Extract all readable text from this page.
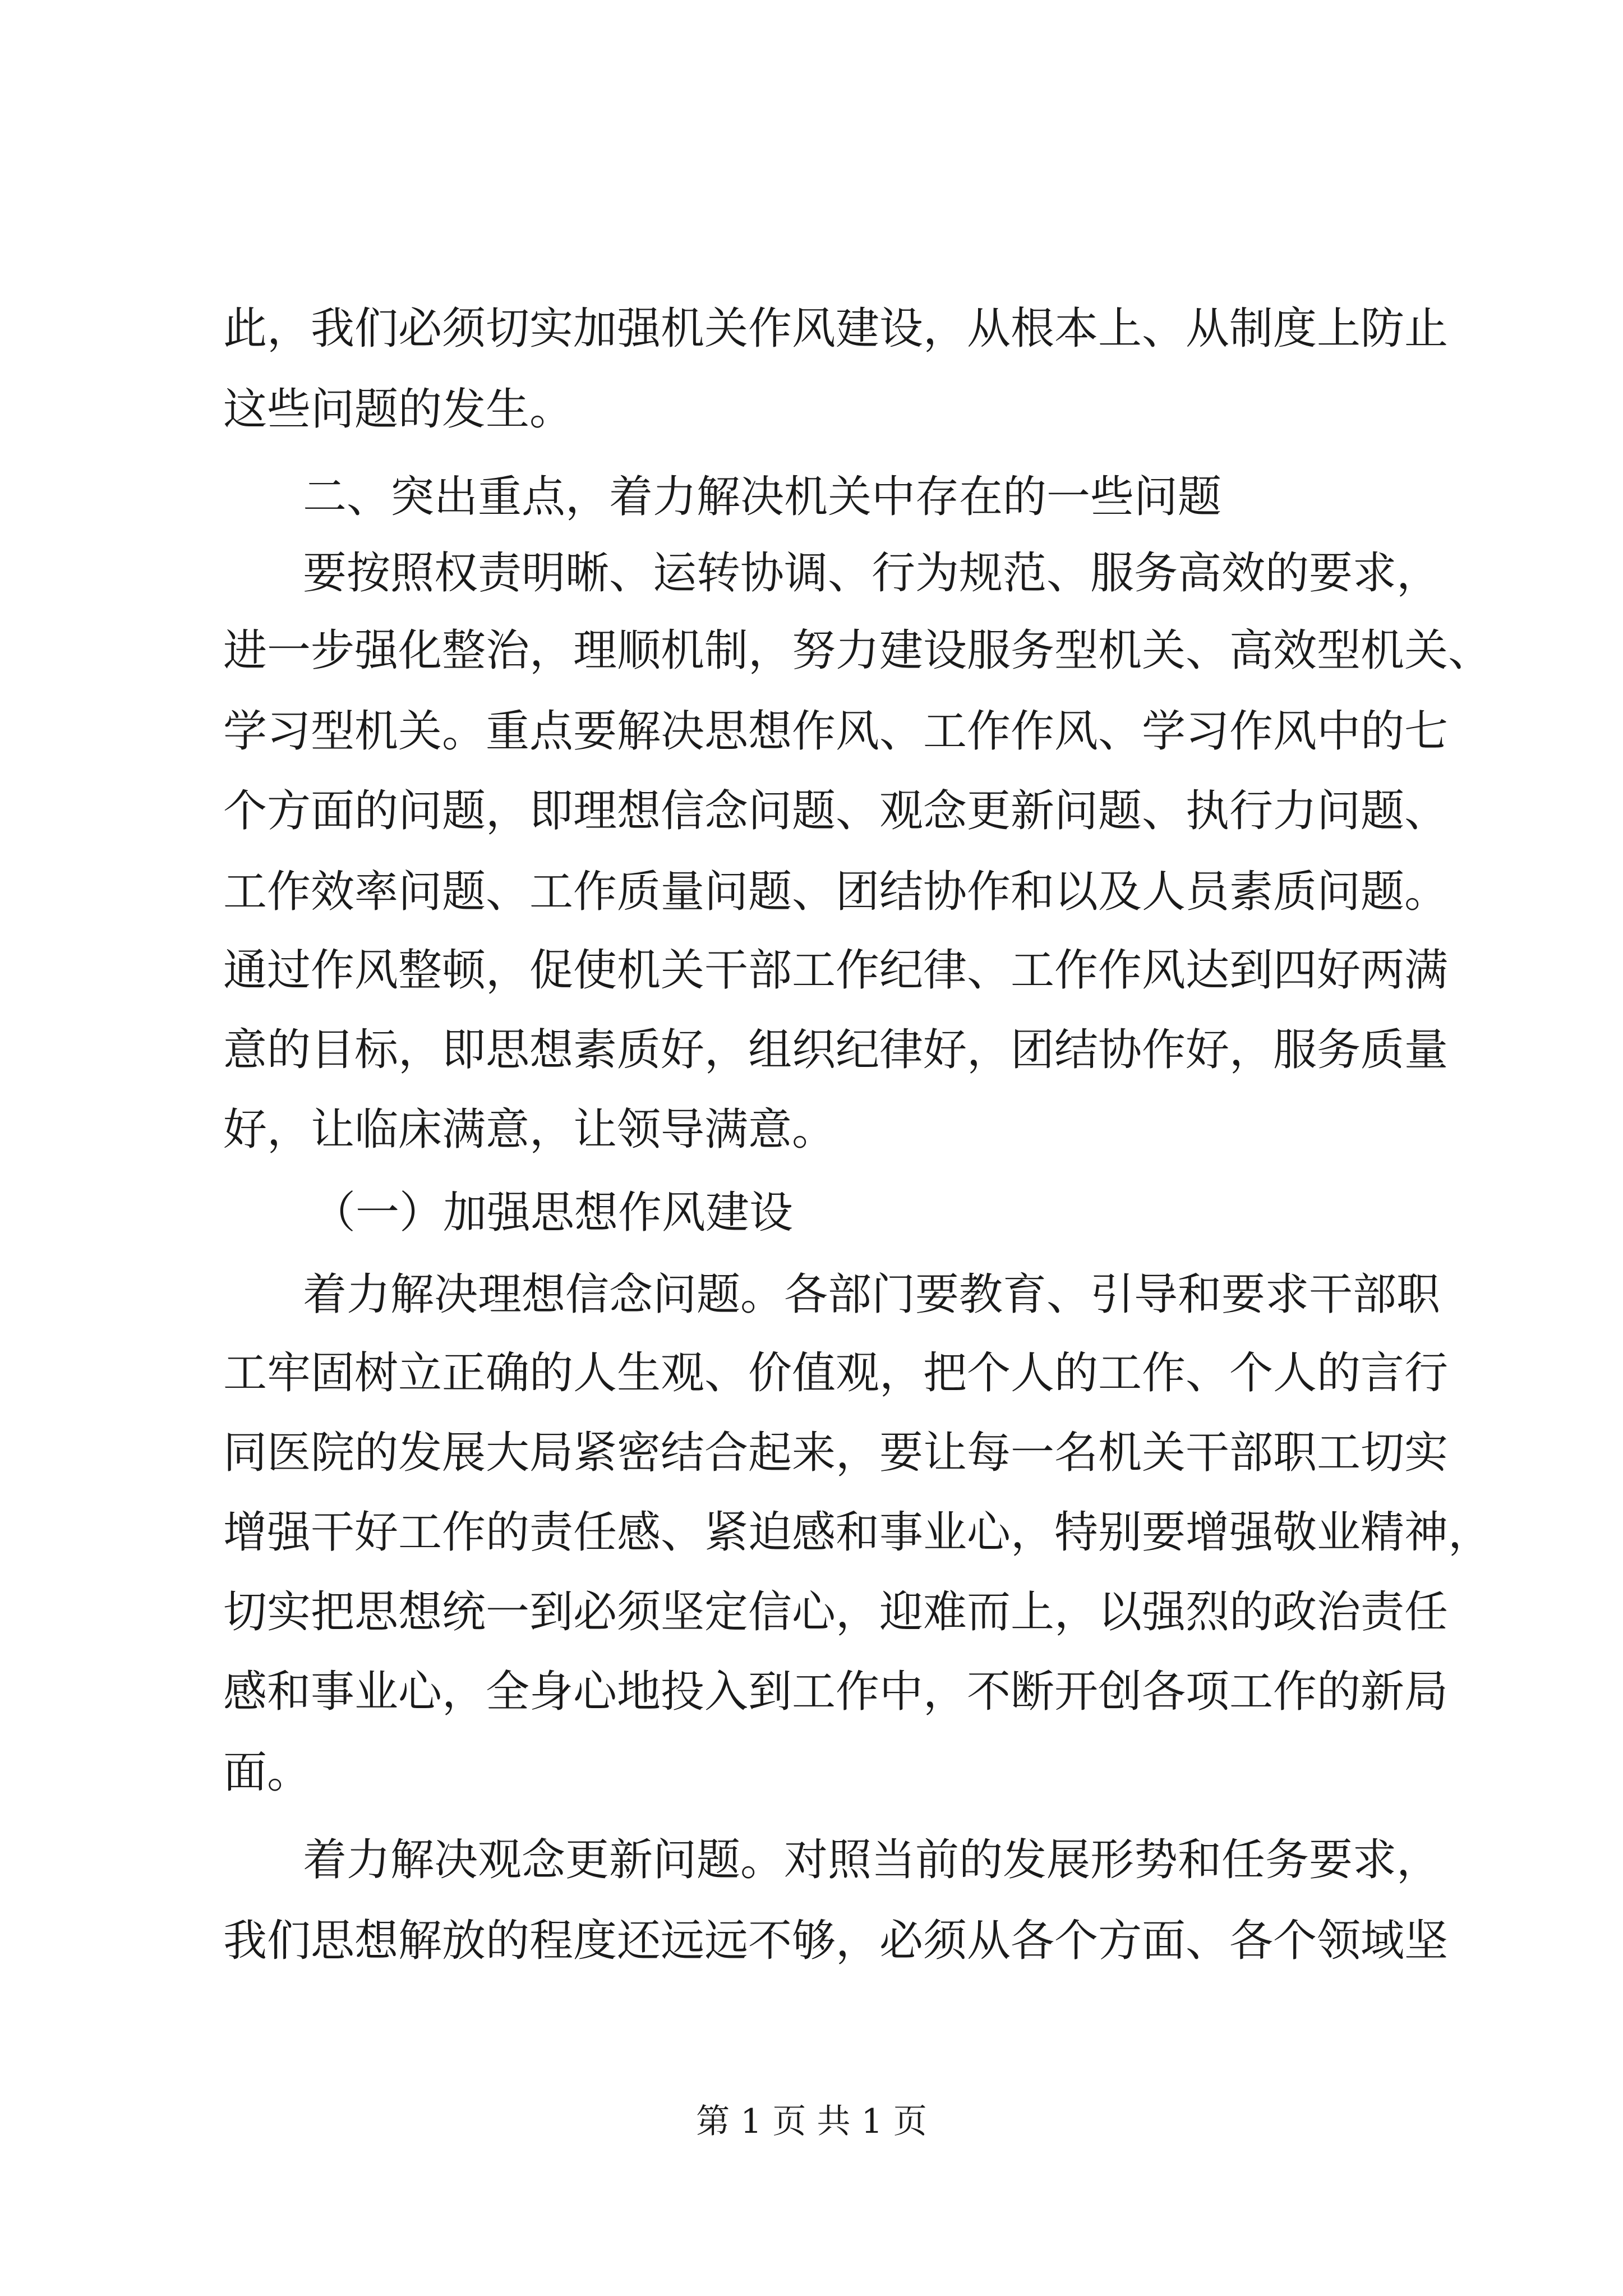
此，我们必须切实加强机关作风建设，从根本上、从制度上防止
这些问题的发生。
二、突出重点，着力解决机关中存在的一些问题
要按照权责明晰、运转协调、行为规范、服务高效的要求，
进一步强化整治，理顺机制，努力建设服务型机关、高效型机关、
学习型机关。重点要解决思想作风、工作作风、学习作风中的七
个方面的问题，即理想信念问题、观念更新问题、执行力问题、
工作效率问题、工作质量问题、团结协作和以及人员素质问题。
通过作风整顿，促使机关干部工作纪律、工作作风达到四好两满
意的目标，即思想素质好，组织纪律好，团结协作好，服务质量
好，让临床满意，让领导满意。
（一）加强思想作风建设
着力解决理想信念问题。各部门要教育、引导和要求干部职
工牢固树立正确的人生观、价值观，把个人的工作、个人的言行
同医院的发展大局紧密结合起来，要让每一名机关干部职工切实
增强干好工作的责任感、紧迫感和事业心，特别要增强敬业精神，
切实把思想统一到必须坚定信心，迎难而上，以强烈的政治责任
感和事业心，全身心地投入到工作中，不断开创各项工作的新局
面。
着力解决观念更新问题。对照当前的发展形势和任务要求，
我们思想解放的程度还远远不够，必须从各个方面、各个领域坚
第 1 页 共 1 页
